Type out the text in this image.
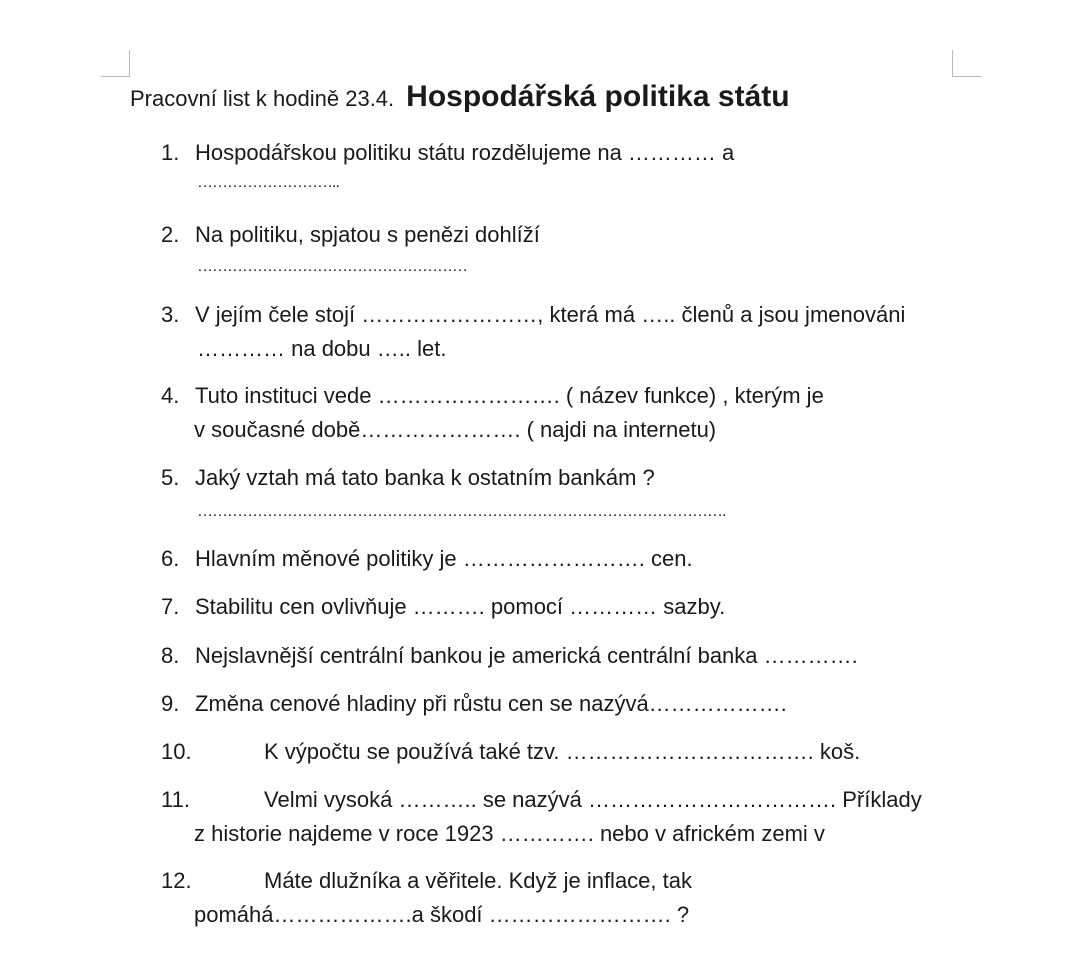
Pracovní list k hodině 23.4. Hospodářská politika státu
1. Hospodářskou politiku státu rozdělujeme na ………… a
………………………..
2. Na politiku, spjatou s penězi dohlíží
………………………………………………
3. V jejím čele stojí ……………………, která má ….. členů a jsou jmenováni
………… na dobu ….. let.
4. Tuto instituci vede ……………………. ( název funkce) , kterým je
v současné době…………………. ( najdi na internetu)
5. Jaký vztah má tato banka k ostatním bankám ?
…………………………………………………………………………………………….
6. Hlavním měnové politiky je ……………………. cen.
7. Stabilitu cen ovlivňuje ………. pomocí ………… sazby.
8. Nejslavnější centrální bankou je americká centrální banka ………….
9. Změna cenové hladiny při růstu cen se nazývá……………….
10.	K výpočtu se používá také tzv. ……………………………. koš.
11.	Velmi vysoká ……….. se nazývá ……………………………. Příklady
z historie najdeme v roce 1923 …………. nebo v africkém zemi v
12.	Máte dlužníka a věřitele. Když je inflace, tak
pomáhá……………….a škodí ……………………. ?
